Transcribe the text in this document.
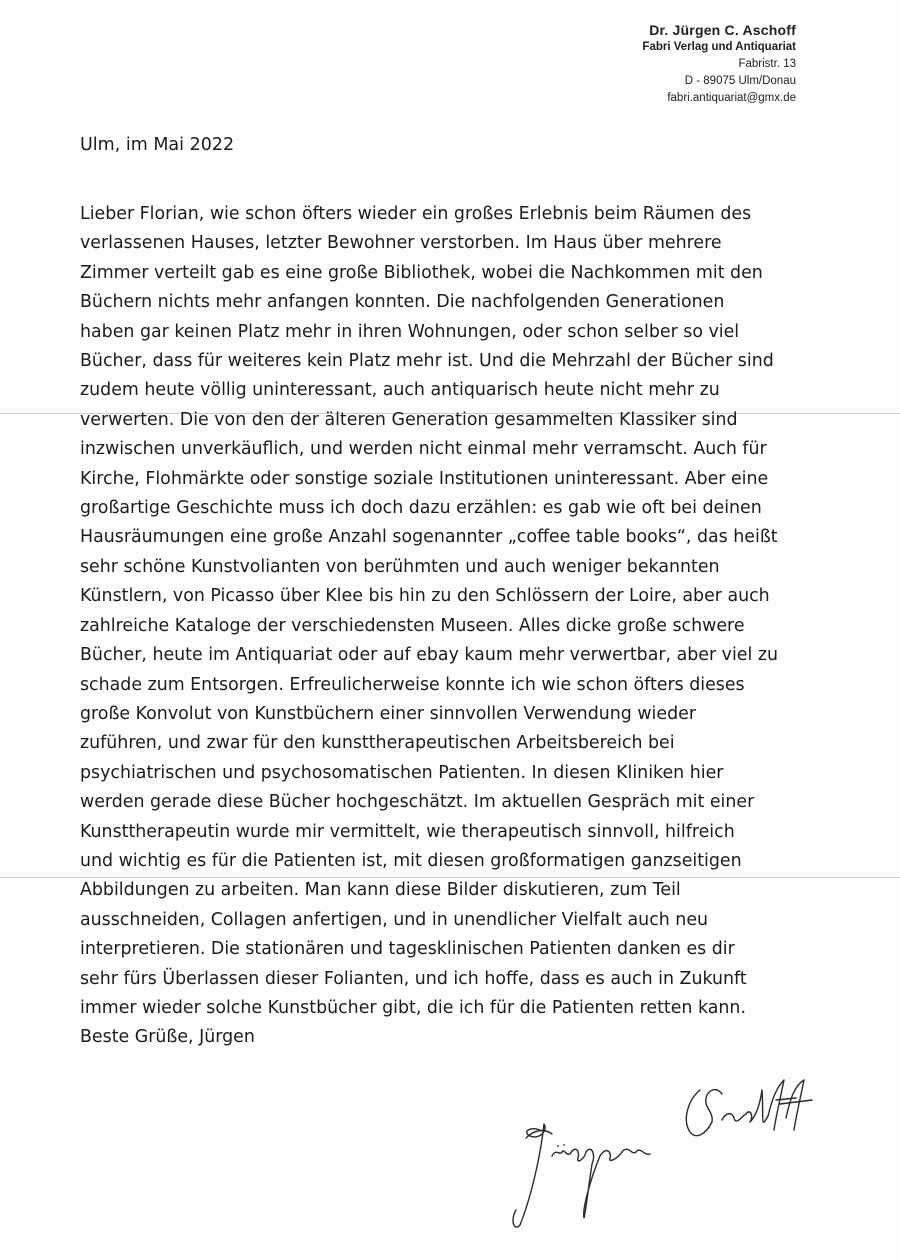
Dr. Jürgen C. Aschoff
Fabri Verlag und Antiquariat
Fabristr. 13
D - 89075 Ulm/Donau
fabri.antiquariat@gmx.de
Ulm, im Mai 2022
Lieber Florian, wie schon öfters wieder ein großes Erlebnis beim Räumen des
verlassenen Hauses, letzter Bewohner verstorben. Im Haus über mehrere
Zimmer verteilt gab es eine große Bibliothek, wobei die Nachkommen mit den
Büchern nichts mehr anfangen konnten. Die nachfolgenden Generationen
haben gar keinen Platz mehr in ihren Wohnungen, oder schon selber so viel
Bücher, dass für weiteres kein Platz mehr ist. Und die Mehrzahl der Bücher sind
zudem heute völlig uninteressant, auch antiquarisch heute nicht mehr zu
verwerten. Die von den der älteren Generation gesammelten Klassiker sind
inzwischen unverkäuflich, und werden nicht einmal mehr verramscht. Auch für
Kirche, Flohmärkte oder sonstige soziale Institutionen uninteressant. Aber eine
großartige Geschichte muss ich doch dazu erzählen: es gab wie oft bei deinen
Hausräumungen eine große Anzahl sogenannter „coffee table books“, das heißt
sehr schöne Kunstvolianten von berühmten und auch weniger bekannten
Künstlern, von Picasso über Klee bis hin zu den Schlössern der Loire, aber auch
zahlreiche Kataloge der verschiedensten Museen. Alles dicke große schwere
Bücher, heute im Antiquariat oder auf ebay kaum mehr verwertbar, aber viel zu
schade zum Entsorgen. Erfreulicherweise konnte ich wie schon öfters dieses
große Konvolut von Kunstbüchern einer sinnvollen Verwendung wieder
zuführen, und zwar für den kunsttherapeutischen Arbeitsbereich bei
psychiatrischen und psychosomatischen Patienten. In diesen Kliniken hier
werden gerade diese Bücher hochgeschätzt. Im aktuellen Gespräch mit einer
Kunsttherapeutin wurde mir vermittelt, wie therapeutisch sinnvoll, hilfreich
und wichtig es für die Patienten ist, mit diesen großformatigen ganzseitigen
Abbildungen zu arbeiten. Man kann diese Bilder diskutieren, zum Teil
ausschneiden, Collagen anfertigen, und in unendlicher Vielfalt auch neu
interpretieren. Die stationären und tagesklinischen Patienten danken es dir
sehr fürs Überlassen dieser Folianten, und ich hoffe, dass es auch in Zukunft
immer wieder solche Kunstbücher gibt, die ich für die Patienten retten kann.
Beste Grüße, Jürgen
